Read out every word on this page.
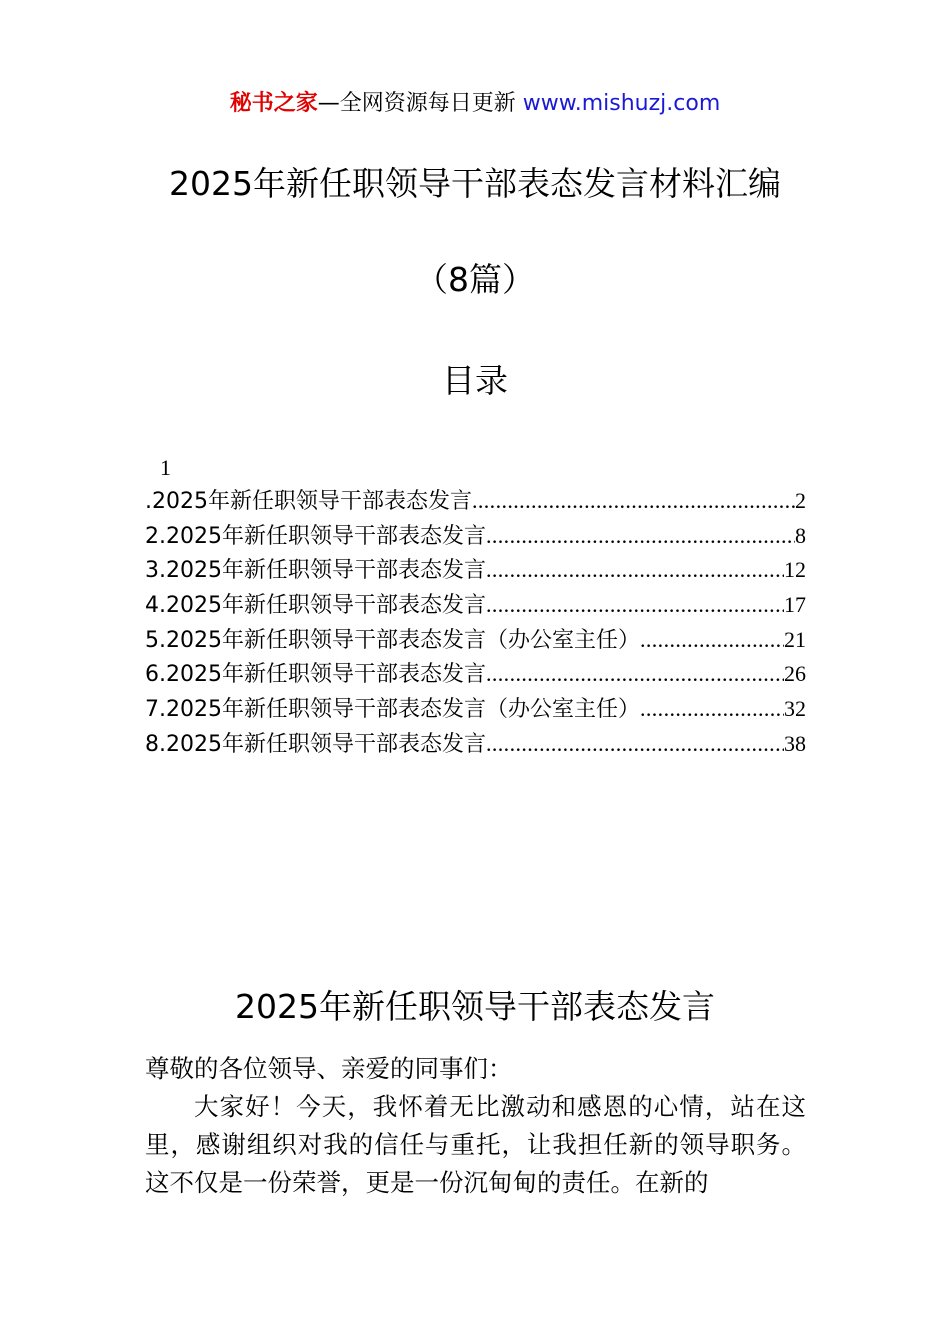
秘书之家—全网资源每日更新 www.mishuzj.com
2025年新任职领导干部表态发言材料汇编
（8篇）
目录
1
.2025年新任职领导干部表态发言 .....	2
2.2025年新任职领导干部表态发言 .....	8
3.2025年新任职领导干部表态发言 .....	12
4.2025年新任职领导干部表态发言 .....	17
5.2025年新任职领导干部表态发言（办公室主任） .....	21
6.2025年新任职领导干部表态发言 .....	26
7.2025年新任职领导干部表态发言（办公室主任） .....	32
8.2025年新任职领导干部表态发言 .....	38
2025年新任职领导干部表态发言

尊敬的各位领导、亲爱的同事们：

大家好！今天，我怀着无比激动和感恩的心情，站在这里，感谢组织对我的信任与重托，让我担任新的领导职务。这不仅是一份荣誉，更是一份沉甸甸的责任。在新的
